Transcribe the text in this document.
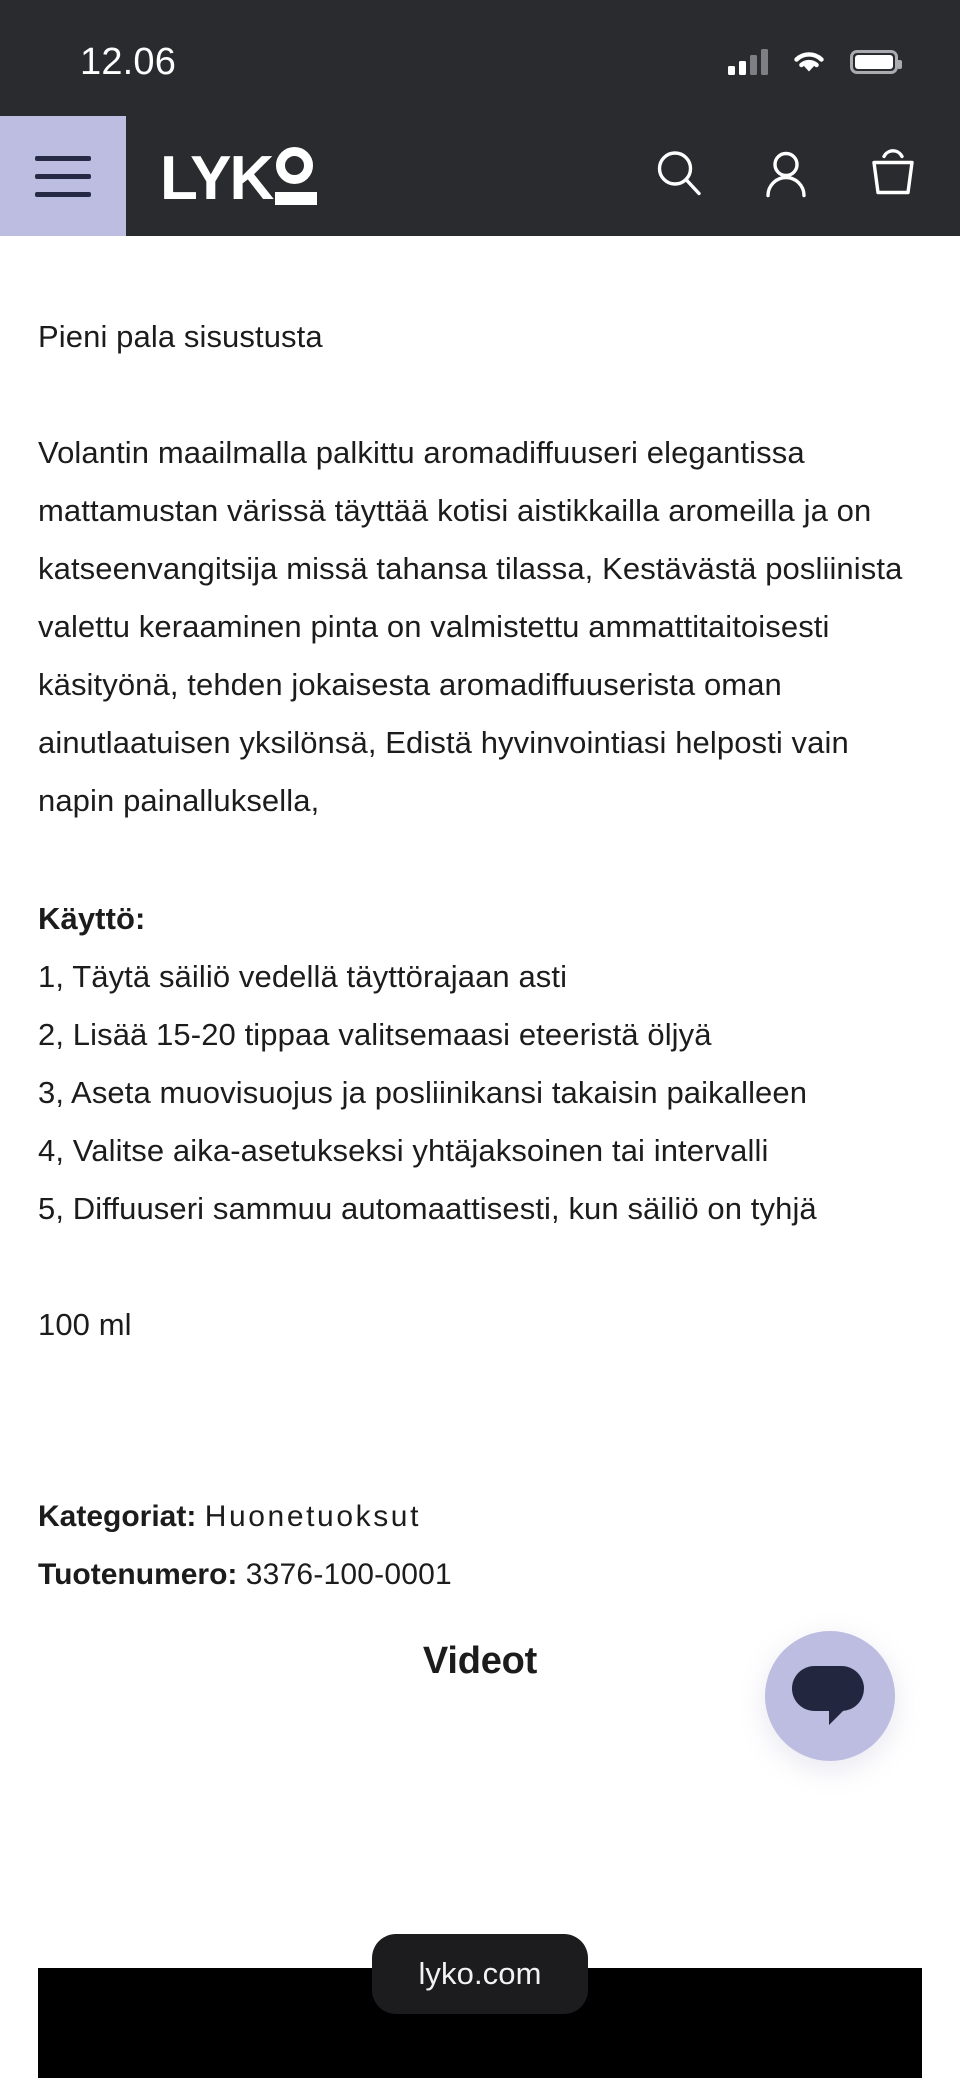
12.06
LYK
Pieni pala sisustusta
Volantin maailmalla palkittu aromadiffuuseri elegantissa mattamustan värissä täyttää kotisi aistikkailla aromeilla ja on katseenvangitsija missä tahansa tilassa, Kestävästä posliinista valettu keraaminen pinta on valmistettu ammattitaitoisesti käsityönä, tehden jokaisesta aromadiffuuserista oman ainutlaatuisen yksilönsä, Edistä hyvinvointiasi helposti vain napin painalluksella,
Käyttö:
1, Täytä säiliö vedellä täyttörajaan asti
2, Lisää 15-20 tippaa valitsemaasi eteeristä öljyä
3, Aseta muovisuojus ja posliinikansi takaisin paikalleen
4, Valitse aika-asetukseksi yhtäjaksoinen tai intervalli
5, Diffuuseri sammuu automaattisesti, kun säiliö on tyhjä
100 ml
Kategoriat: Huonetuoksut
Tuotenumero: 3376-100-0001
Videot
lyko.com
